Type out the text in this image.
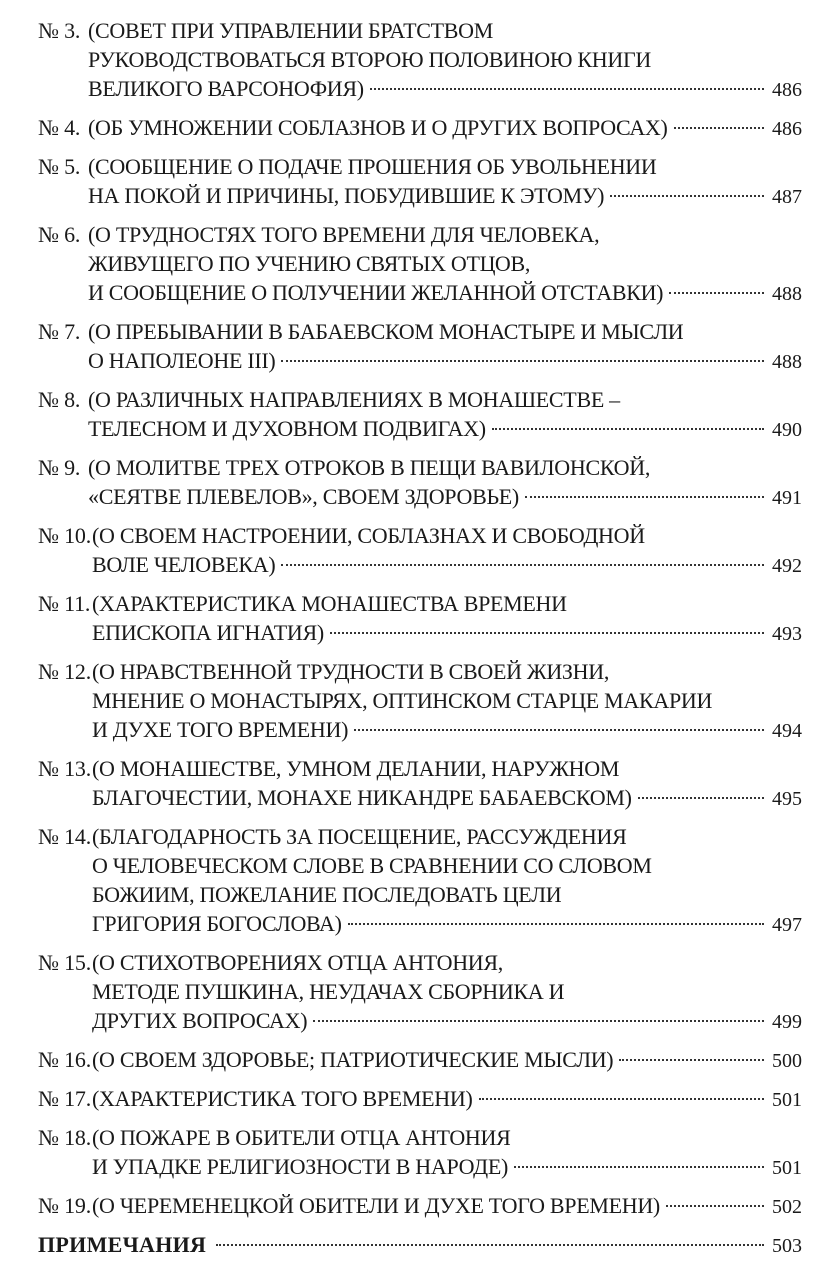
№ 3. (СОВЕТ ПРИ УПРАВЛЕНИИ БРАТСТВОМ
РУКОВОДСТВОВАТЬСЯ ВТОРОЮ ПОЛОВИНОЮ КНИГИ
ВЕЛИКОГО ВАРСОНОФИЯ)	486
№ 4. (ОБ УМНОЖЕНИИ СОБЛАЗНОВ И О ДРУГИХ ВОПРОСАХ)	486
№ 5. (СООБЩЕНИЕ О ПОДАЧЕ ПРОШЕНИЯ ОБ УВОЛЬНЕНИИ
НА ПОКОЙ И ПРИЧИНЫ, ПОБУДИВШИЕ К ЭТОМУ)	487
№ 6. (О ТРУДНОСТЯХ ТОГО ВРЕМЕНИ ДЛЯ ЧЕЛОВЕКА,
ЖИВУЩЕГО ПО УЧЕНИЮ СВЯТЫХ ОТЦОВ,
И СООБЩЕНИЕ О ПОЛУЧЕНИИ ЖЕЛАННОЙ ОТСТАВКИ)	488
№ 7. (О ПРЕБЫВАНИИ В БАБАЕВСКОМ МОНАСТЫРЕ И МЫСЛИ
О НАПОЛЕОНЕ III)	488
№ 8. (О РАЗЛИЧНЫХ НАПРАВЛЕНИЯХ В МОНАШЕСТВЕ –
ТЕЛЕСНОМ И ДУХОВНОМ ПОДВИГАХ)	490
№ 9. (О МОЛИТВЕ ТРЕХ ОТРОКОВ В ПЕЩИ ВАВИЛОНСКОЙ,
«СЕЯТВЕ ПЛЕВЕЛОВ», СВОЕМ ЗДОРОВЬЕ)	491
№ 10. (О СВОЕМ НАСТРОЕНИИ, СОБЛАЗНАХ И СВОБОДНОЙ
ВОЛЕ ЧЕЛОВЕКА)	492
№ 11. (ХАРАКТЕРИСТИКА МОНАШЕСТВА ВРЕМЕНИ
ЕПИСКОПА ИГНАТИЯ)	493
№ 12. (О НРАВСТВЕННОЙ ТРУДНОСТИ В СВОЕЙ ЖИЗНИ,
МНЕНИЕ О МОНАСТЫРЯХ, ОПТИНСКОМ СТАРЦЕ МАКАРИИ
И ДУХЕ ТОГО ВРЕМЕНИ)	494
№ 13. (О МОНАШЕСТВЕ, УМНОМ ДЕЛАНИИ, НАРУЖНОМ
БЛАГОЧЕСТИИ, МОНАХЕ НИКАНДРЕ БАБАЕВСКОМ)	495
№ 14. (БЛАГОДАРНОСТЬ ЗА ПОСЕЩЕНИЕ, РАССУЖДЕНИЯ
О ЧЕЛОВЕЧЕСКОМ СЛОВЕ В СРАВНЕНИИ СО СЛОВОМ
БОЖИИМ, ПОЖЕЛАНИЕ ПОСЛЕДОВАТЬ ЦЕЛИ
ГРИГОРИЯ БОГОСЛОВА)	497
№ 15. (О СТИХОТВОРЕНИЯХ ОТЦА АНТОНИЯ,
МЕТОДЕ ПУШКИНА, НЕУДАЧАХ СБОРНИКА И
ДРУГИХ ВОПРОСАХ)	499
№ 16. (О СВОЕМ ЗДОРОВЬЕ; ПАТРИОТИЧЕСКИЕ МЫСЛИ)	500
№ 17. (ХАРАКТЕРИСТИКА ТОГО ВРЕМЕНИ)	501
№ 18. (О ПОЖАРЕ В ОБИТЕЛИ ОТЦА АНТОНИЯ
И УПАДКЕ РЕЛИГИОЗНОСТИ В НАРОДЕ)	501
№ 19. (О ЧЕРЕМЕНЕЦКОЙ ОБИТЕЛИ И ДУХЕ ТОГО ВРЕМЕНИ)	502
ПРИМЕЧАНИЯ	503
